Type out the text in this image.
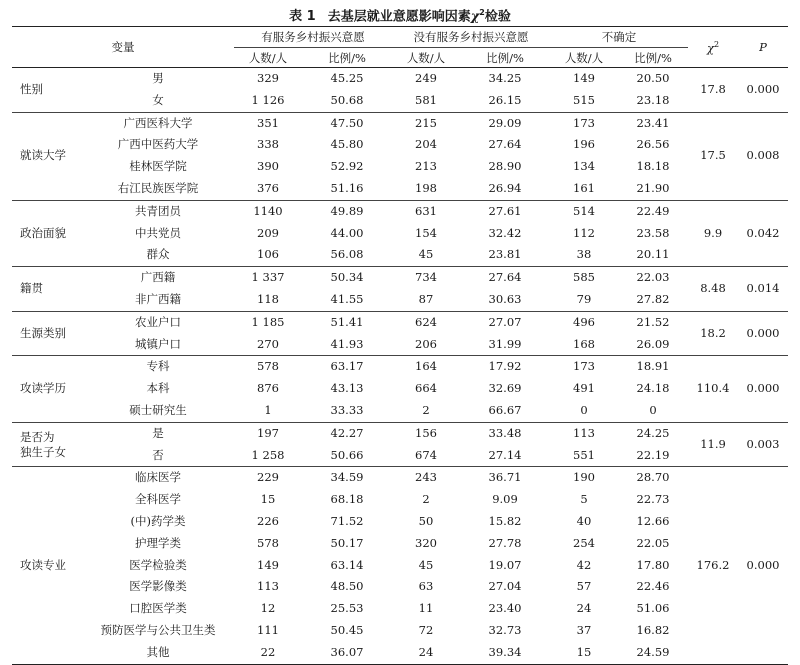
表 1 去基层就业意愿影响因素$\chi^2$检验
变量		有服务乡村振兴意愿		没有服务乡村振兴意愿		不确定		$\chi^2$	P
		人数/人	比例/%	人数/人	比例/%	人数/人	比例/%		
性别	男	329	45.25	249	34.25	149	20.50	17.8	0.000
	女	1 126	50.68	581	26.15	515	23.18		
就读大学	广西医科大学	351	47.50	215	29.09	173	23.41	17.5	0.008
	广西中医药大学	338	45.80	204	27.64	196	26.56		
	桂林医学院	390	52.92	213	28.90	134	18.18		
	右江民族医学院	376	51.16	198	26.94	161	21.90		
政治面貌	共青团员	1140	49.89	631	27.61	514	22.49	9.9	0.042
	中共党员	209	44.00	154	32.42	112	23.58		
	群众	106	56.08	45	23.81	38	20.11		
籍贯	广西籍	1 337	50.34	734	27.64	585	22.03	8.48	0.014
	非广西籍	118	41.55	87	30.63	79	27.82		
生源类别	农业户口	1 185	51.41	624	27.07	496	21.52	18.2	0.000
	城镇户口	270	41.93	206	31.99	168	26.09		
攻读学历	专科	578	63.17	164	17.92	173	18.91	110.4	0.000
	本科	876	43.13	664	32.69	491	24.18		
	硕士研究生	1	33.33	2	66.67	0	0		
是否为
独生子女	是	197	42.27	156	33.48	113	24.25	11.9	0.003
	否	1 258	50.66	674	27.14	551	22.19		
攻读专业	临床医学	229	34.59	243	36.71	190	28.70	176.2	0.000
	全科医学	15	68.18	2	9.09	5	22.73		
	(中)药学类	226	71.52	50	15.82	40	12.66		
	护理学类	578	50.17	320	27.78	254	22.05		
	医学检验类	149	63.14	45	19.07	42	17.80		
	医学影像类	113	48.50	63	27.04	57	22.46		
	口腔医学类	12	25.53	11	23.40	24	51.06		
	预防医学与公共卫生类	111	50.45	72	32.73	37	16.82		
	其他	22	36.07	24	39.34	15	24.59		
